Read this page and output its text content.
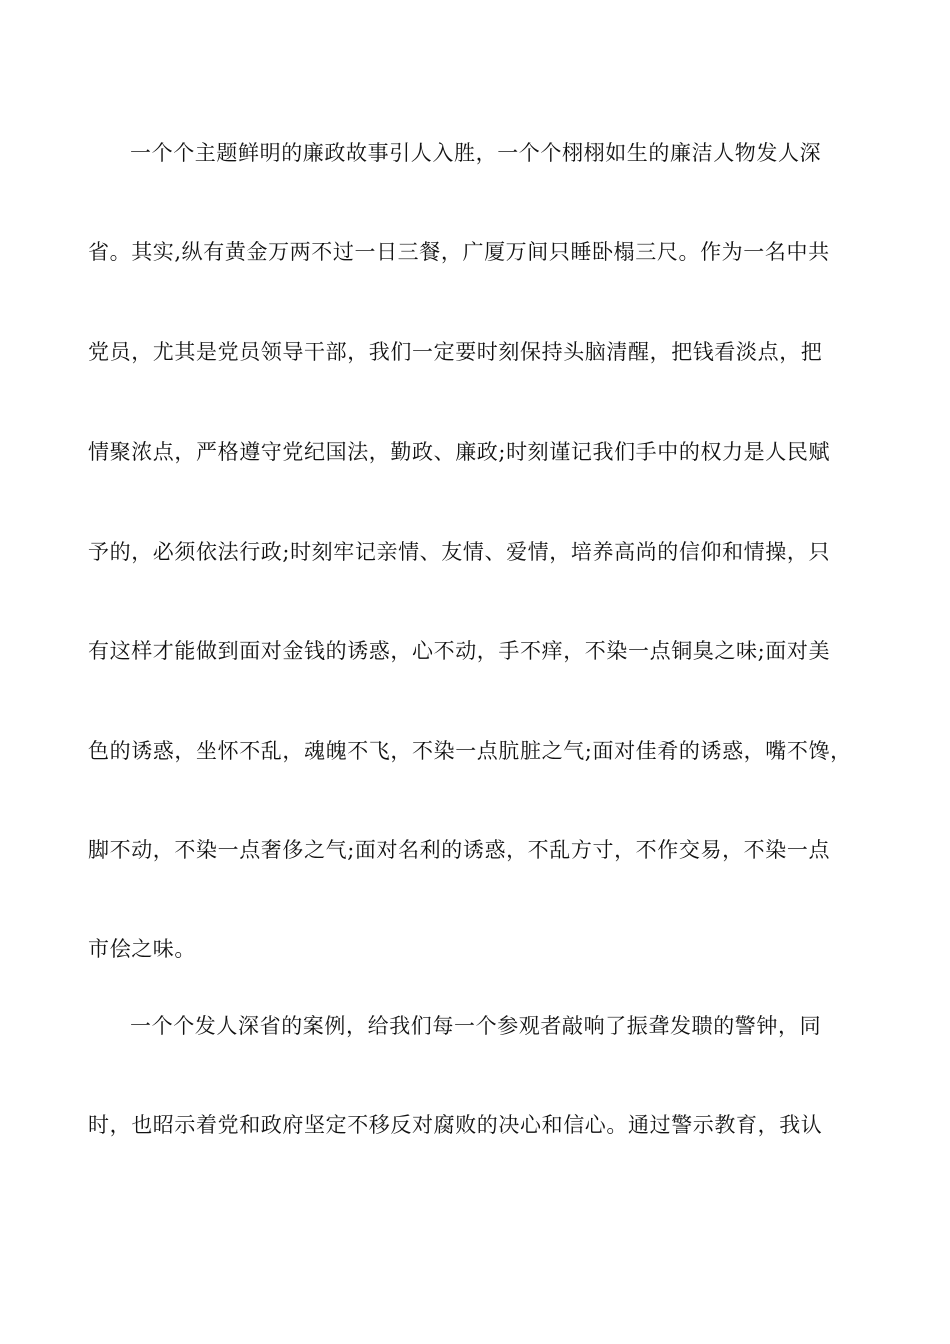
一个个主题鲜明的廉政故事引人入胜，一个个栩栩如生的廉洁人物发人深
省。其实,纵有黄金万两不过一日三餐，广厦万间只睡卧榻三尺。作为一名中共
党员，尤其是党员领导干部，我们一定要时刻保持头脑清醒，把钱看淡点，把
情聚浓点，严格遵守党纪国法，勤政、廉政;时刻谨记我们手中的权力是人民赋
予的，必须依法行政;时刻牢记亲情、友情、爱情，培养高尚的信仰和情操，只
有这样才能做到面对金钱的诱惑，心不动，手不痒，不染一点铜臭之味;面对美
色的诱惑，坐怀不乱，魂魄不飞，不染一点肮脏之气;面对佳肴的诱惑，嘴不馋，
脚不动，不染一点奢侈之气;面对名利的诱惑，不乱方寸，不作交易，不染一点
市侩之味。
一个个发人深省的案例，给我们每一个参观者敲响了振聋发聩的警钟，同
时，也昭示着党和政府坚定不移反对腐败的决心和信心。通过警示教育，我认
